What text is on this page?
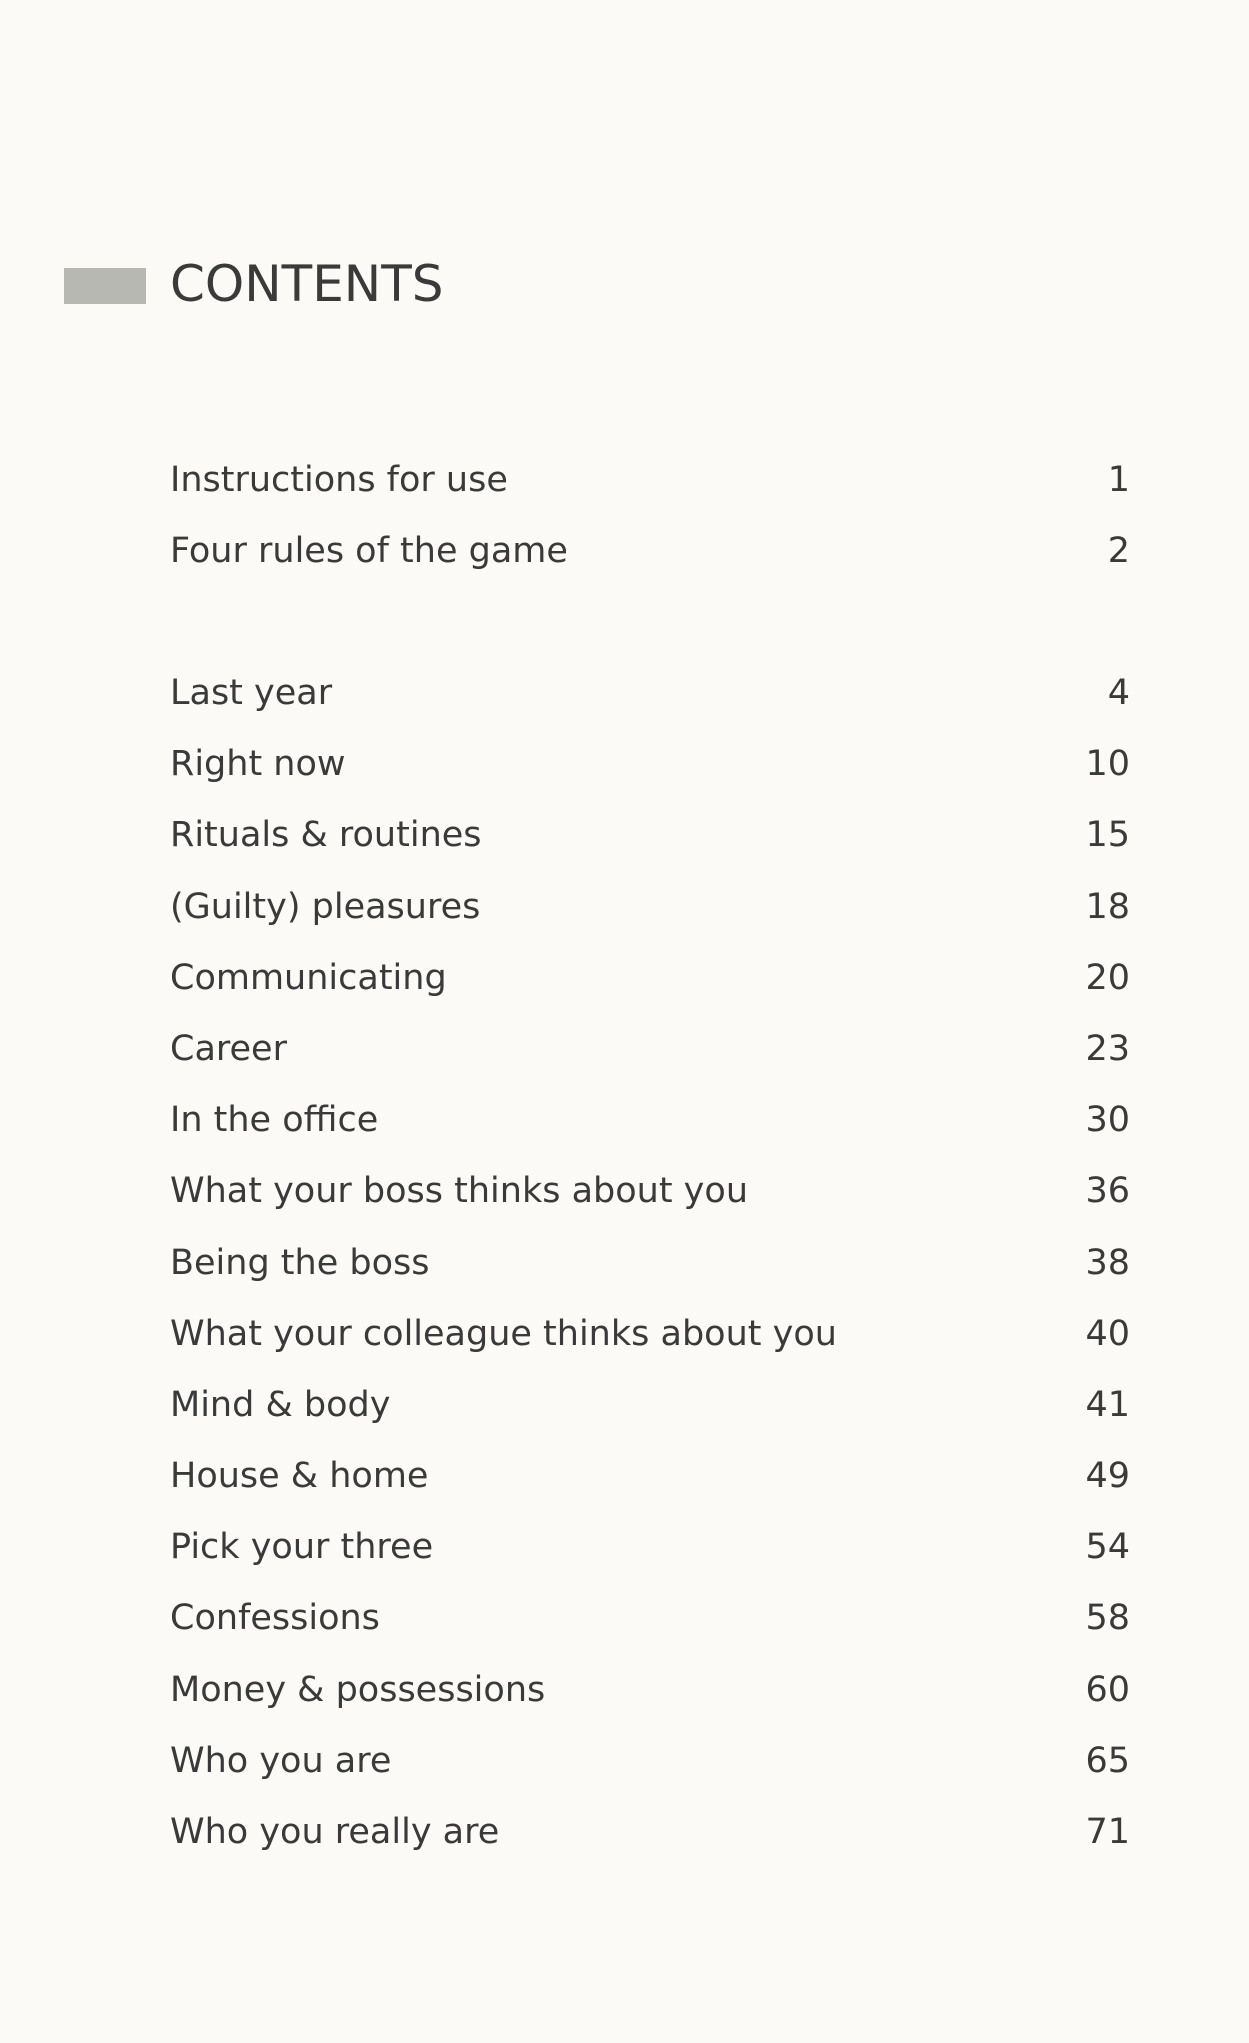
CONTENTS
Instructions for use	1
Four rules of the game	2
Last year	4
Right now	10
Rituals & routines	15
(Guilty) pleasures	18
Communicating	20
Career	23
In the office	30
What your boss thinks about you	36
Being the boss	38
What your colleague thinks about you	40
Mind & body	41
House & home	49
Pick your three	54
Confessions	58
Money & possessions	60
Who you are	65
Who you really are	71
